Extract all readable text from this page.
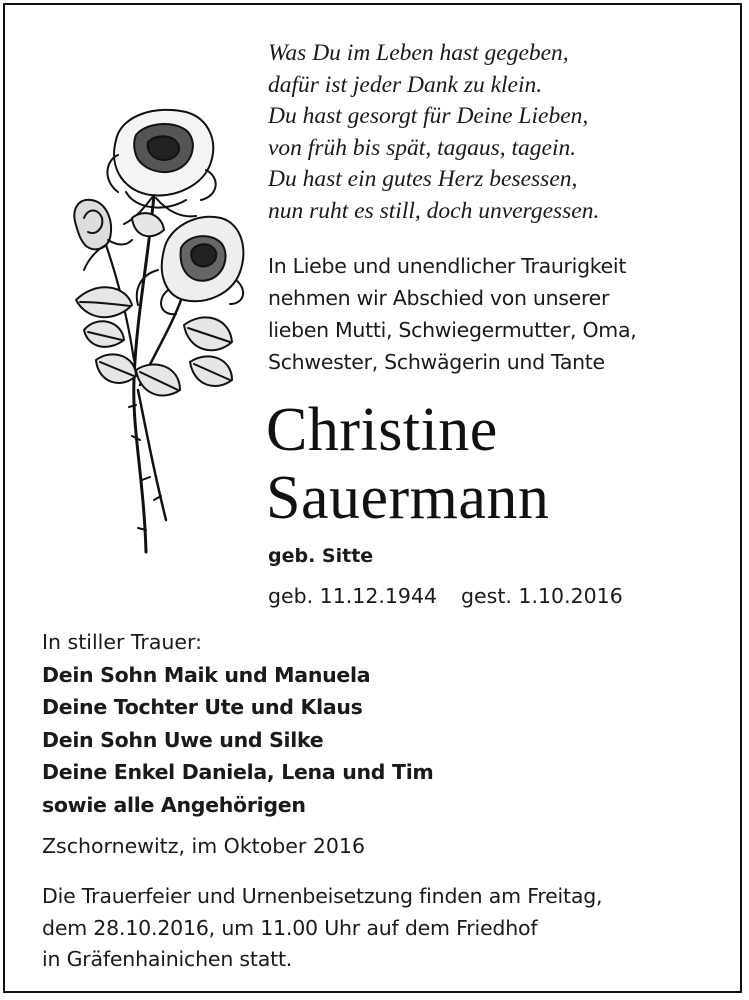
Was Du im Leben hast gegeben,
dafür ist jeder Dank zu klein.
Du hast gesorgt für Deine Lieben,
von früh bis spät, tagaus, tagein.
Du hast ein gutes Herz besessen,
nun ruht es still, doch unvergessen.
In Liebe und unendlicher Traurigkeit
nehmen wir Abschied von unserer
lieben Mutti, Schwiegermutter, Oma,
Schwester, Schwägerin und Tante
Christine
Sauermann
geb. Sitte
geb. 11.12.1944 gest. 1.10.2016
In stiller Trauer:
Dein Sohn Maik und Manuela
Deine Tochter Ute und Klaus
Dein Sohn Uwe und Silke
Deine Enkel Daniela, Lena und Tim
sowie alle Angehörigen
Zschornewitz, im Oktober 2016
Die Trauerfeier und Urnenbeisetzung finden am Freitag,
dem 28.10.2016, um 11.00 Uhr auf dem Friedhof
in Gräfenhainichen statt.
